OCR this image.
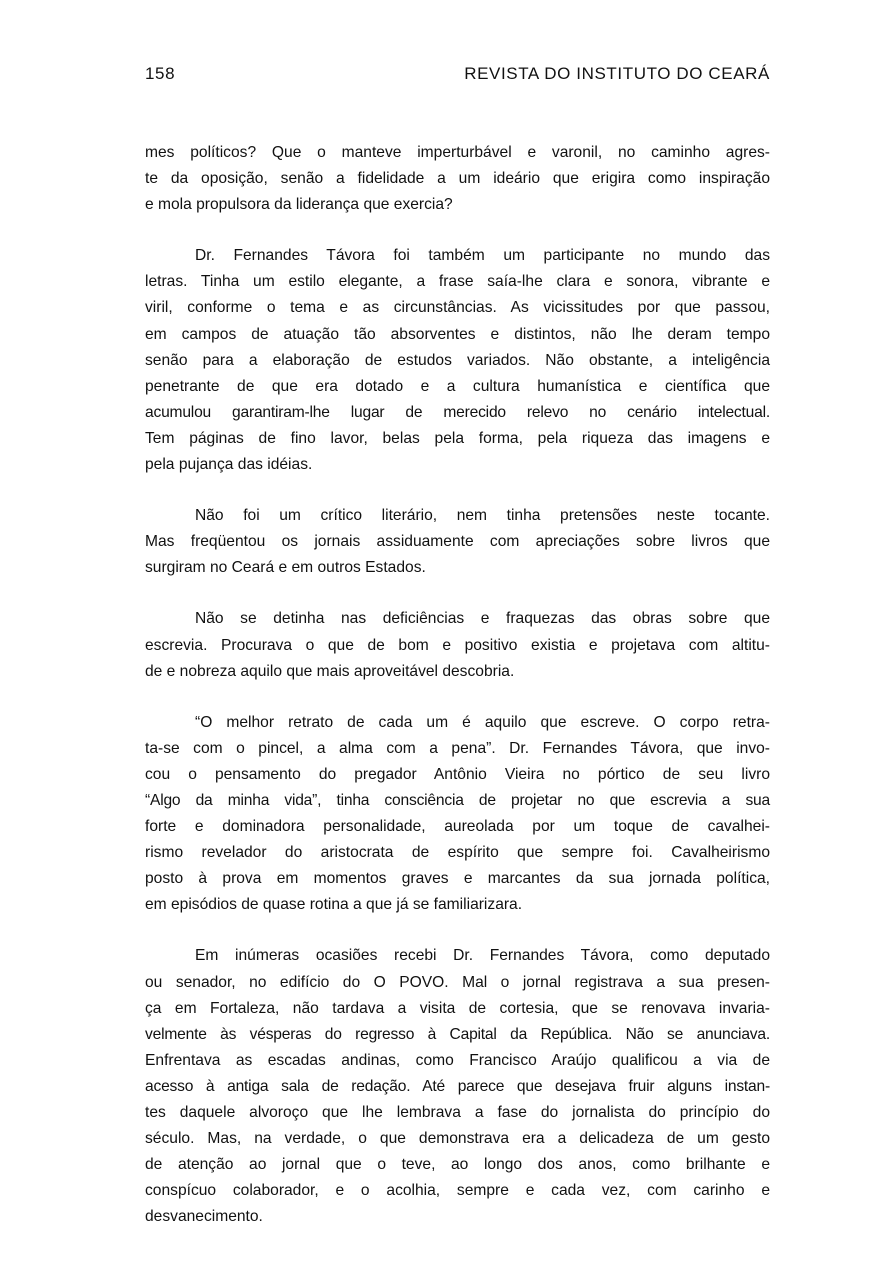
158	REVISTA DO INSTITUTO DO CEARÁ

mes políticos? Que o manteve imperturbável e varonil, no caminho agres-
te da oposição, senão a fidelidade a um ideário que erigira como inspiração
e mola propulsora da liderança que exercia?

Dr. Fernandes Távora foi também um participante no mundo das
letras. Tinha um estilo elegante, a frase saía-lhe clara e sonora, vibrante e
viril, conforme o tema e as circunstâncias. As vicissitudes por que passou,
em campos de atuação tão absorventes e distintos, não lhe deram tempo
senão para a elaboração de estudos variados. Não obstante, a inteligência
penetrante de que era dotado e a cultura humanística e científica que
acumulou garantiram-lhe lugar de merecido relevo no cenário intelectual.
Tem páginas de fino lavor, belas pela forma, pela riqueza das imagens e
pela pujança das idéias.

Não foi um crítico literário, nem tinha pretensões neste tocante.
Mas freqüentou os jornais assiduamente com apreciações sobre livros que
surgiram no Ceará e em outros Estados.

Não se detinha nas deficiências e fraquezas das obras sobre que
escrevia. Procurava o que de bom e positivo existia e projetava com altitu-
de e nobreza aquilo que mais aproveitável descobria.

“O melhor retrato de cada um é aquilo que escreve. O corpo retra-
ta-se com o pincel, a alma com a pena”. Dr. Fernandes Távora, que invo-
cou o pensamento do pregador Antônio Vieira no pórtico de seu livro
“Algo da minha vida”, tinha consciência de projetar no que escrevia a sua
forte e dominadora personalidade, aureolada por um toque de cavalhei-
rismo revelador do aristocrata de espírito que sempre foi. Cavalheirismo
posto à prova em momentos graves e marcantes da sua jornada política,
em episódios de quase rotina a que já se familiarizara.

Em inúmeras ocasiões recebi Dr. Fernandes Távora, como deputado
ou senador, no edifício do O POVO. Mal o jornal registrava a sua presen-
ça em Fortaleza, não tardava a visita de cortesia, que se renovava invaria-
velmente às vésperas do regresso à Capital da República. Não se anunciava.
Enfrentava as escadas andinas, como Francisco Araújo qualificou a via de
acesso à antiga sala de redação. Até parece que desejava fruir alguns instan-
tes daquele alvoroço que lhe lembrava a fase do jornalista do princípio do
século. Mas, na verdade, o que demonstrava era a delicadeza de um gesto
de atenção ao jornal que o teve, ao longo dos anos, como brilhante e
conspícuo colaborador, e o acolhia, sempre e cada vez, com carinho e
desvanecimento.
